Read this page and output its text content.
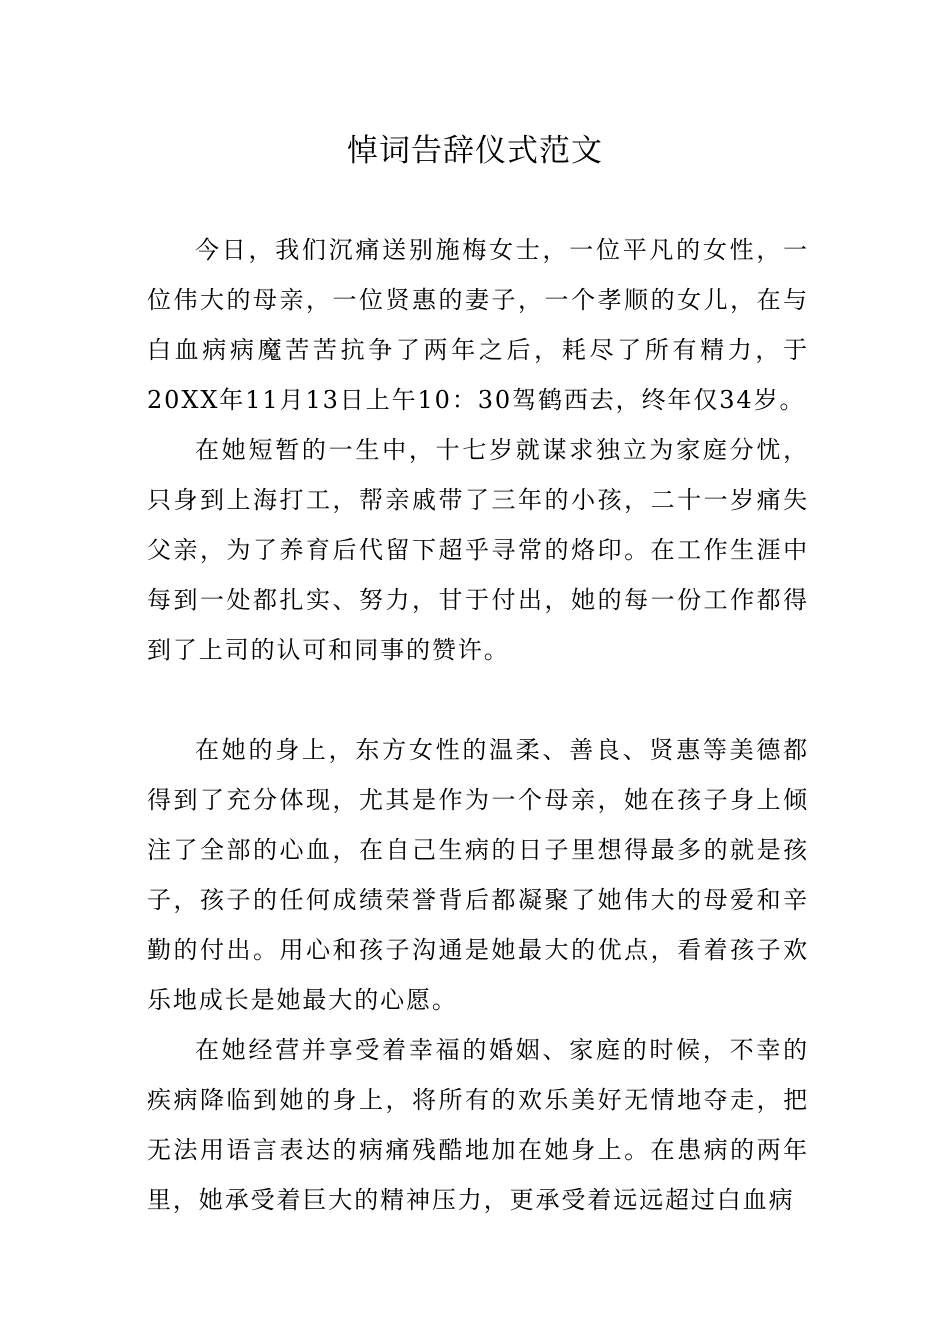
悼词告辞仪式范文

今日，我们沉痛送别施梅女士，一位平凡的女性，一位伟大的母亲，一位贤惠的妻子，一个孝顺的女儿，在与白血病病魔苦苦抗争了两年之后，耗尽了所有精力，于20XX年11月13日上午10：30驾鹤西去，终年仅34岁。

在她短暂的一生中，十七岁就谋求独立为家庭分忧，只身到上海打工，帮亲戚带了三年的小孩，二十一岁痛失父亲，为了养育后代留下超乎寻常的烙印。在工作生涯中每到一处都扎实、努力，甘于付出，她的每一份工作都得到了上司的认可和同事的赞许。

在她的身上，东方女性的温柔、善良、贤惠等美德都得到了充分体现，尤其是作为一个母亲，她在孩子身上倾注了全部的心血，在自己生病的日子里想得最多的就是孩子，孩子的任何成绩荣誉背后都凝聚了她伟大的母爱和辛勤的付出。用心和孩子沟通是她最大的优点，看着孩子欢乐地成长是她最大的心愿。

在她经营并享受着幸福的婚姻、家庭的时候，不幸的疾病降临到她的身上，将所有的欢乐美好无情地夺走，把无法用语言表达的病痛残酷地加在她身上。在患病的两年里，她承受着巨大的精神压力，更承受着远远超过白血病
